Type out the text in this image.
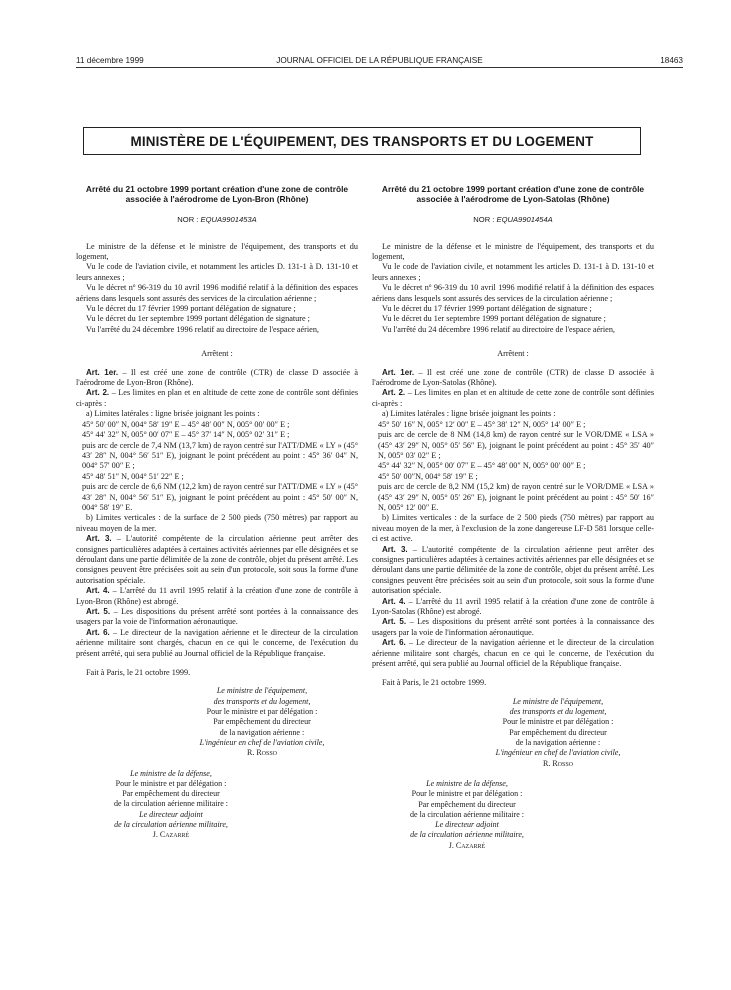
11 décembre 1999	JOURNAL OFFICIEL DE LA RÉPUBLIQUE FRANÇAISE	18463
MINISTÈRE DE L'ÉQUIPEMENT, DES TRANSPORTS ET DU LOGEMENT
Arrêté du 21 octobre 1999 portant création d'une zone de contrôle associée à l'aérodrome de Lyon-Bron (Rhône)
NOR : EQUA9901453A

Le ministre de la défense et le ministre de l'équipement, des transports et du logement,

Vu le code de l'aviation civile, et notamment les articles D. 131-1 à D. 131-10 et leurs annexes ;

Vu le décret nº 96-319 du 10 avril 1996 modifié relatif à la définition des espaces aériens dans lesquels sont assurés des services de la circulation aérienne ;

Vu le décret du 17 février 1999 portant délégation de signature ;

Vu le décret du 1er septembre 1999 portant délégation de signature ;

Vu l'arrêté du 24 décembre 1996 relatif au directoire de l'espace aérien,

Arrêtent :

Art. 1er. – Il est créé une zone de contrôle (CTR) de classe D associée à l'aérodrome de Lyon-Bron (Rhône).

Art. 2. – Les limites en plan et en altitude de cette zone de contrôle sont définies ci-après :

a) Limites latérales : ligne brisée joignant les points :

45° 50′ 00″ N, 004° 58′ 19″ E – 45° 48′ 00″ N, 005° 00′ 00″ E ;

45° 44′ 32″ N, 005° 00′ 07″ E – 45° 37′ 14″ N, 005° 02′ 31″ E ;

puis arc de cercle de 7,4 NM (13,7 km) de rayon centré sur l'ATT/DME « LY » (45° 43′ 28″ N, 004° 56′ 51″ E), joignant le point précédent au point : 45° 36′ 04″ N, 004° 57′ 00″ E ;

45° 48′ 51″ N, 004° 51′ 22″ E ;

puis arc de cercle de 6,6 NM (12,2 km) de rayon centré sur l'ATT/DME « LY » (45° 43′ 28″ N, 004° 56′ 51″ E), joignant le point précédent au point : 45° 50′ 00″ N, 004° 58′ 19″ E.

b) Limites verticales : de la surface de 2 500 pieds (750 mètres) par rapport au niveau moyen de la mer.

Art. 3. – L'autorité compétente de la circulation aérienne peut arrêter des consignes particulières adaptées à certaines activités aériennes par elle désignées et se déroulant dans une partie délimitée de la zone de contrôle, objet du présent arrêté. Les consignes peuvent être précisées soit au sein d'un protocole, soit sous la forme d'une autorisation spéciale.

Art. 4. – L'arrêté du 11 avril 1995 relatif à la création d'une zone de contrôle à Lyon-Bron (Rhône) est abrogé.

Art. 5. – Les dispositions du présent arrêté sont portées à la connaissance des usagers par la voie de l'information aéronautique.

Art. 6. – Le directeur de la navigation aérienne et le directeur de la circulation aérienne militaire sont chargés, chacun en ce qui le concerne, de l'exécution du présent arrêté, qui sera publié au Journal officiel de la République française.

Fait à Paris, le 21 octobre 1999.

Le ministre de l'équipement,
des transports et du logement,
Pour le ministre et par délégation :
Par empêchement du directeur
de la navigation aérienne :
L'ingénieur en chef de l'aviation civile,
R. Rosso
Le ministre de la défense,
Pour le ministre et par délégation :
Par empêchement du directeur
de la circulation aérienne militaire :
Le directeur adjoint
de la circulation aérienne militaire,
J. Cazarré
Arrêté du 21 octobre 1999 portant création d'une zone de contrôle associée à l'aérodrome de Lyon-Satolas (Rhône)
NOR : EQUA9901454A

Le ministre de la défense et le ministre de l'équipement, des transports et du logement,

Vu le code de l'aviation civile, et notamment les articles D. 131-1 à D. 131-10 et leurs annexes ;

Vu le décret nº 96-319 du 10 avril 1996 modifié relatif à la définition des espaces aériens dans lesquels sont assurés des services de la circulation aérienne ;

Vu le décret du 17 février 1999 portant délégation de signature ;

Vu le décret du 1er septembre 1999 portant délégation de signature ;

Vu l'arrêté du 24 décembre 1996 relatif au directoire de l'espace aérien,

Arrêtent :

Art. 1er. – Il est créé une zone de contrôle (CTR) de classe D associée à l'aérodrome de Lyon-Satolas (Rhône).

Art. 2. – Les limites en plan et en altitude de cette zone de contrôle sont définies ci-après :

a) Limites latérales : ligne brisée joignant les points :

45° 50′ 16″ N, 005° 12′ 00″ E – 45° 38′ 12″ N, 005° 14′ 00″ E ;

puis arc de cercle de 8 NM (14,8 km) de rayon centré sur le VOR/DME « LSA » (45° 43′ 29″ N, 005° 05′ 56″ E), joignant le point précédent au point : 45° 35′ 40″ N, 005° 03′ 02″ E ;

45° 44′ 32″ N, 005° 00′ 07″ E – 45° 48′ 00″ N, 005° 00′ 00″ E ;

45° 50′ 00″N, 004° 58′ 19″ E ;

puis arc de cercle de 8,2 NM (15,2 km) de rayon centré sur le VOR/DME « LSA » (45° 43′ 29″ N, 005° 05′ 26″ E), joignant le point précédent au point : 45° 50′ 16″ N, 005° 12′ 00″ E.

b) Limites verticales : de la surface de 2 500 pieds (750 mètres) par rapport au niveau moyen de la mer, à l'exclusion de la zone dangereuse LF-D 581 lorsque celle-ci est active.

Art. 3. – L'autorité compétente de la circulation aérienne peut arrêter des consignes particulières adaptées à certaines activités aériennes par elle désignées et se déroulant dans une partie délimitée de la zone de contrôle, objet du présent arrêté. Les consignes peuvent être précisées soit au sein d'un protocole, soit sous la forme d'une autorisation spéciale.

Art. 4. – L'arrêté du 11 avril 1995 relatif à la création d'une zone de contrôle à Lyon-Satolas (Rhône) est abrogé.

Art. 5. – Les dispositions du présent arrêté sont portées à la connaissance des usagers par la voie de l'information aéronautique.

Art. 6. – Le directeur de la navigation aérienne et le directeur de la circulation aérienne militaire sont chargés, chacun en ce qui le concerne, de l'exécution du présent arrêté, qui sera publié au Journal officiel de la République française.

Fait à Paris, le 21 octobre 1999.

Le ministre de l'équipement,
des transports et du logement,
Pour le ministre et par délégation :
Par empêchement du directeur
de la navigation aérienne :
L'ingénieur en chef de l'aviation civile,
R. Rosso
Le ministre de la défense,
Pour le ministre et par délégation :
Par empêchement du directeur
de la circulation aérienne militaire :
Le directeur adjoint
de la circulation aérienne militaire,
J. Cazarré
